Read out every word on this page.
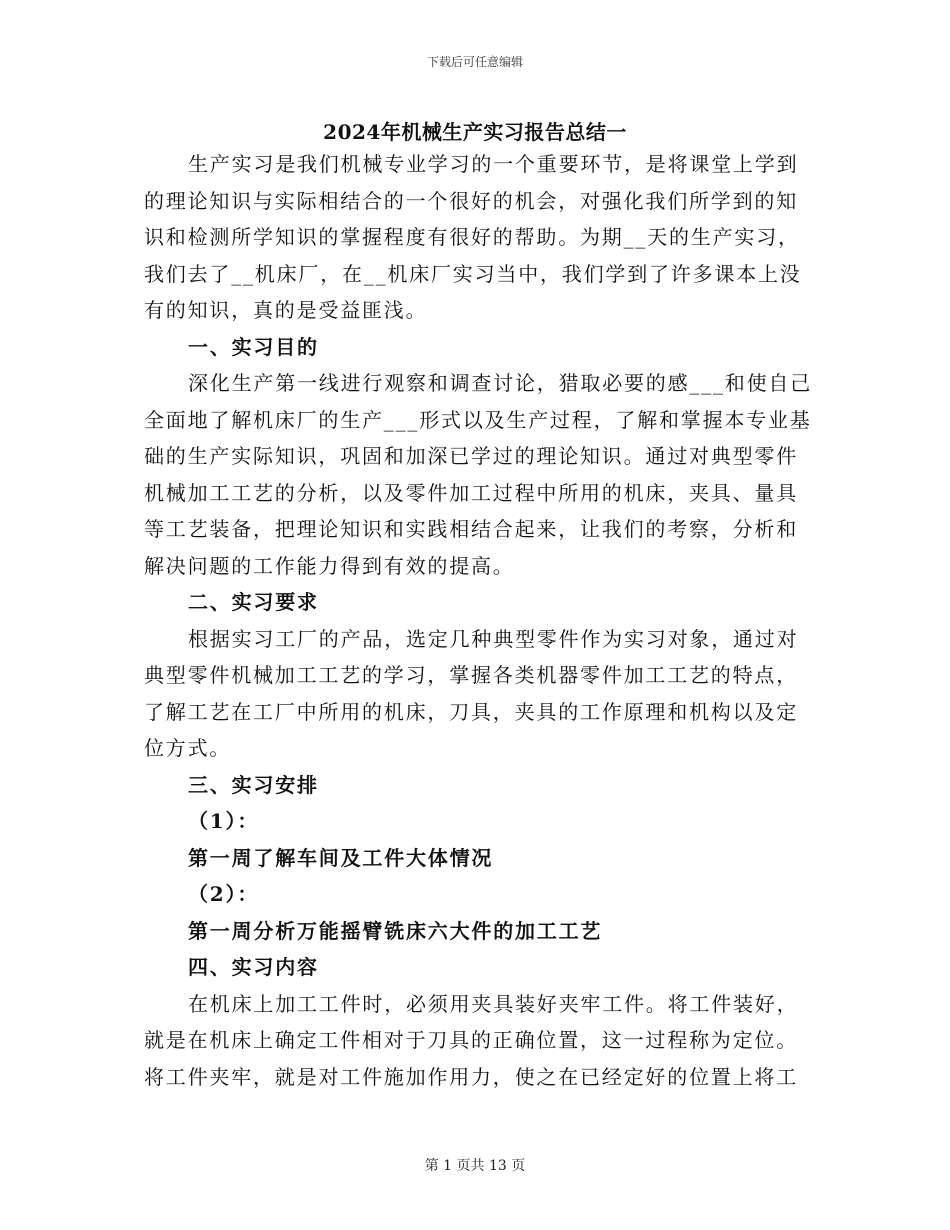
下载后可任意编辑
2024年机械生产实习报告总结一
生产实习是我们机械专业学习的一个重要环节，是将课堂上学到
的理论知识与实际相结合的一个很好的机会，对强化我们所学到的知
识和检测所学知识的掌握程度有很好的帮助。为期__天的生产实习，
我们去了__机床厂，在__机床厂实习当中，我们学到了许多课本上没
有的知识，真的是受益匪浅。
一、实习目的
深化生产第一线进行观察和调查讨论，猎取必要的感___和使自己
全面地了解机床厂的生产___形式以及生产过程，了解和掌握本专业基
础的生产实际知识，巩固和加深已学过的理论知识。通过对典型零件
机械加工工艺的分析，以及零件加工过程中所用的机床，夹具、量具
等工艺装备，把理论知识和实践相结合起来，让我们的考察，分析和
解决问题的工作能力得到有效的提高。
二、实习要求
根据实习工厂的产品，选定几种典型零件作为实习对象，通过对
典型零件机械加工工艺的学习，掌握各类机器零件加工工艺的特点，
了解工艺在工厂中所用的机床，刀具，夹具的工作原理和机构以及定
位方式。
三、实习安排
（1）：
第一周了解车间及工件大体情况
（2）：
第一周分析万能摇臂铣床六大件的加工工艺
四、实习内容
在机床上加工工件时，必须用夹具装好夹牢工件。将工件装好，
就是在机床上确定工件相对于刀具的正确位置，这一过程称为定位。
将工件夹牢，就是对工件施加作用力，使之在已经定好的位置上将工
第 1 页共 13 页
